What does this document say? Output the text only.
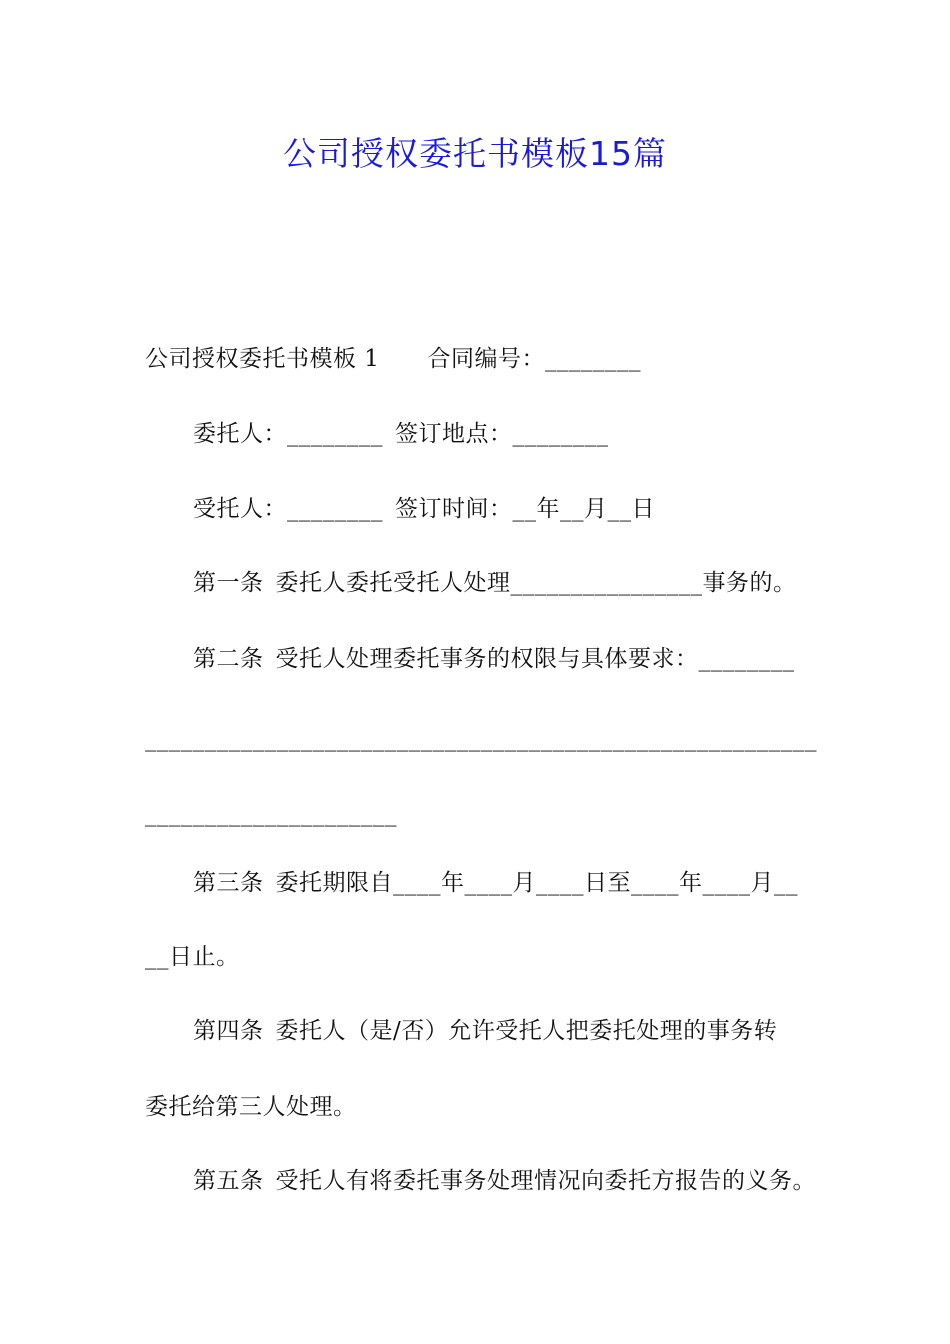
公司授权委托书模板15篇
公司授权委托书模板 1 合同编号：________
委托人：________ 签订地点：________
受托人：________ 签订时间：__年__月__日
第一条 委托人委托受托人处理________________事务的。
第二条 受托人处理委托事务的权限与具体要求：________
________________________________________________________
_____________________
第三条 委托期限自____年____月____日至____年____月__
__日止。
第四条 委托人（是/否）允许受托人把委托处理的事务转
委托给第三人处理。
第五条 受托人有将委托事务处理情况向委托方报告的义务。
